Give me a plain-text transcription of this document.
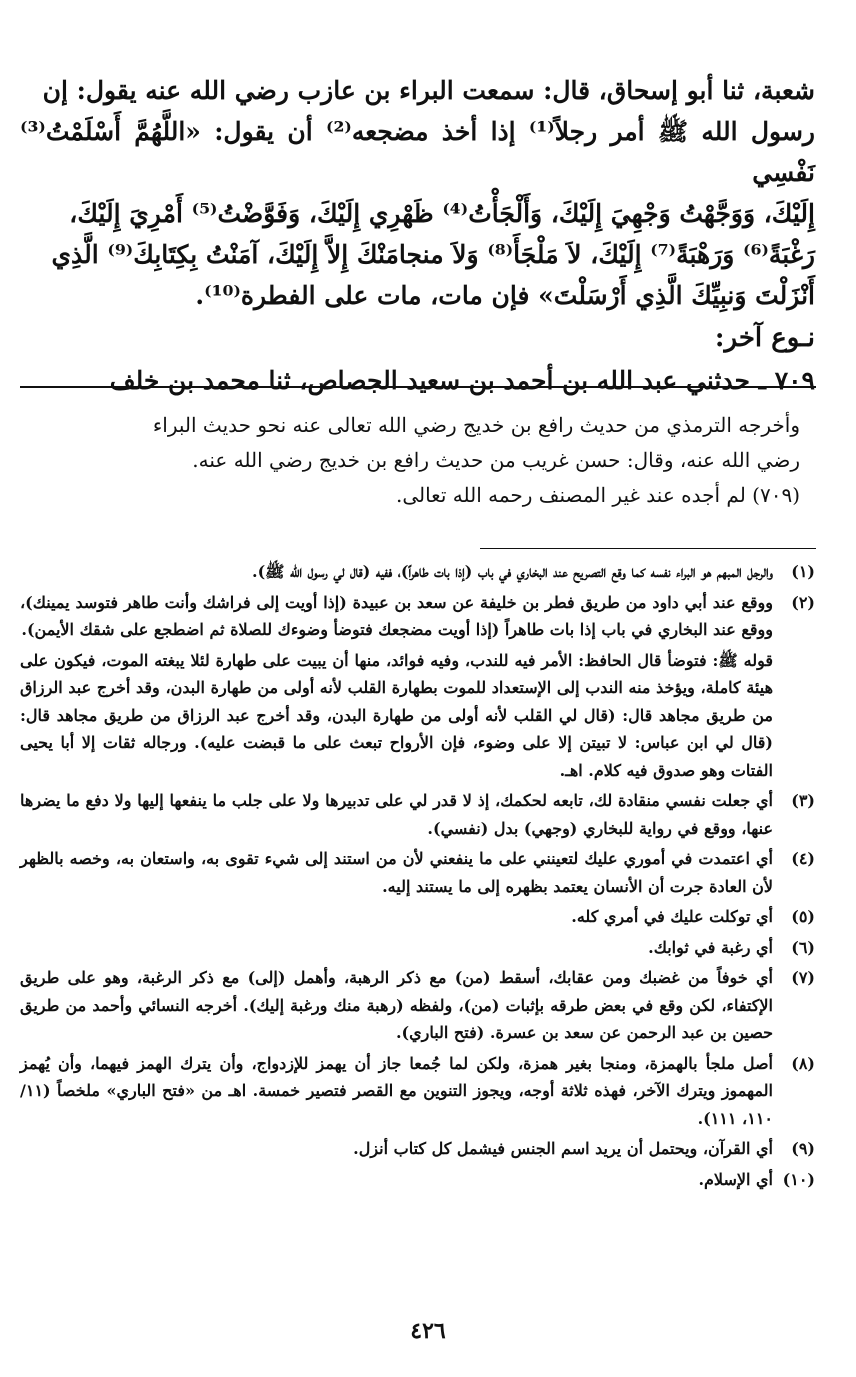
شعبة، ثنا أبو إسحاق، قال: سمعت البراء بن عازب رضي الله عنه يقول: إن

رسول الله ﷺ أمر رجلاً⁽¹⁾ إذا أخذ مضجعه⁽²⁾ أن يقول: «اللَّهُمَّ أَسْلَمْتُ⁽³⁾ نَفْسِي

إِلَيْكَ، وَوَجَّهْتُ وَجْهِيَ إِلَيْكَ، وَأَلْجَأْتُ⁽⁴⁾ ظَهْرِي إِلَيْكَ، وَفَوَّضْتُ⁽⁵⁾ أَمْرِيَ إِلَيْكَ،

رَغْبَةً⁽⁶⁾ وَرَهْبَةً⁽⁷⁾ إِلَيْكَ، لاَ مَلْجَأَ⁽⁸⁾ وَلاَ منجامَنْكَ إِلاَّ إِلَيْكَ، آمَنْتُ بِكِتَابِكَ⁽⁹⁾ الَّذِي

أَنْزَلْتَ وَنبِيِّكَ الَّذِي أَرْسَلْتَ» فإن مات، مات على الفطرة⁽¹⁰⁾.

نـوع آخر:

٧٠٩ ـ حدثني عبد الله بن أحمد بن سعيد الجصاص، ثنا محمد بن خلف

وأخرجه الترمذي من حديث رافع بن خديج رضي الله تعالى عنه نحو حديث البراء

رضي الله عنه، وقال: حسن غريب من حديث رافع بن خديج رضي الله عنه.

(٧٠٩) لم أجده عند غير المصنف رحمه الله تعالى.

(١)
والرجل المبهم هو البراء نفسه كما وقع التصريح عند البخاري في باب (إذا بات طاهراً)، ففيه (قال لي رسول الله ﷺ).
(٢)
ووقع عند أبي داود من طريق فطر بن خليفة عن سعد بن عبيدة (إذا أويت إلى فراشك وأنت طاهر فتوسد يمينك)، ووقع عند البخاري في باب إذا بات طاهراً (إذا أويت مضجعك فتوضأ وضوءك للصلاة ثم اضطجع على شقك الأيمن).
قوله ﷺ: فتوضأ قال الحافظ: الأمر فيه للندب، وفيه فوائد، منها أن يبيت على طهارة لئلا يبغته الموت، فيكون على هيئة كاملة، ويؤخذ منه الندب إلى الإستعداد للموت بطهارة القلب لأنه أولى من طهارة البدن، وقد أخرج عبد الرزاق من طريق مجاهد قال: (قال لي القلب لأنه أولى من طهارة البدن، وقد أخرج عبد الرزاق من طريق مجاهد قال: (قال لي ابن عباس: لا تبيتن إلا على وضوء، فإن الأرواح تبعث على ما قبضت عليه). ورجاله ثقات إلا أبا يحيى الفتات وهو صدوق فيه كلام. اهـ.
(٣)
أي جعلت نفسي منقادة لك، تابعه لحكمك، إذ لا قدر لي على تدبيرها ولا على جلب ما ينفعها إليها ولا دفع ما يضرها عنها، ووقع في رواية للبخاري (وجهي) بدل (نفسي).
(٤)
أي اعتمدت في أموري عليك لتعينني على ما ينفعني لأن من استند إلى شيء تقوى به، واستعان به، وخصه بالظهر لأن العادة جرت أن الأنسان يعتمد بظهره إلى ما يستند إليه.
(٥)
أي توكلت عليك في أمري كله.
(٦)
أي رغبة في ثوابك.
(٧)
أي خوفاً من غضبك ومن عقابك، أسقط (من) مع ذكر الرهبة، وأهمل (إلى) مع ذكر الرغبة، وهو على طريق الإكتفاء، لكن وقع في بعض طرقه بإثبات (من)، ولفظه (رهبة منك ورغبة إليك). أخرجه النسائي وأحمد من طريق حصين بن عبد الرحمن عن سعد بن عسرة. (فتح الباري).
(٨)
أصل ملجأ بالهمزة، ومنجا بغير همزة، ولكن لما جُمعا جاز أن يهمز للإزدواج، وأن يترك الهمز فيهما، وأن يُهمز المهموز ويترك الآخر، فهذه ثلاثة أوجه، ويجوز التنوين مع القصر فتصير خمسة. اهـ من «فتح الباري» ملخصاً (١١/ ١١٠، ١١١).
(٩)
أي القرآن، ويحتمل أن يريد اسم الجنس فيشمل كل كتاب أنزل.
(١٠)
أي الإسلام.
٤٢٦
